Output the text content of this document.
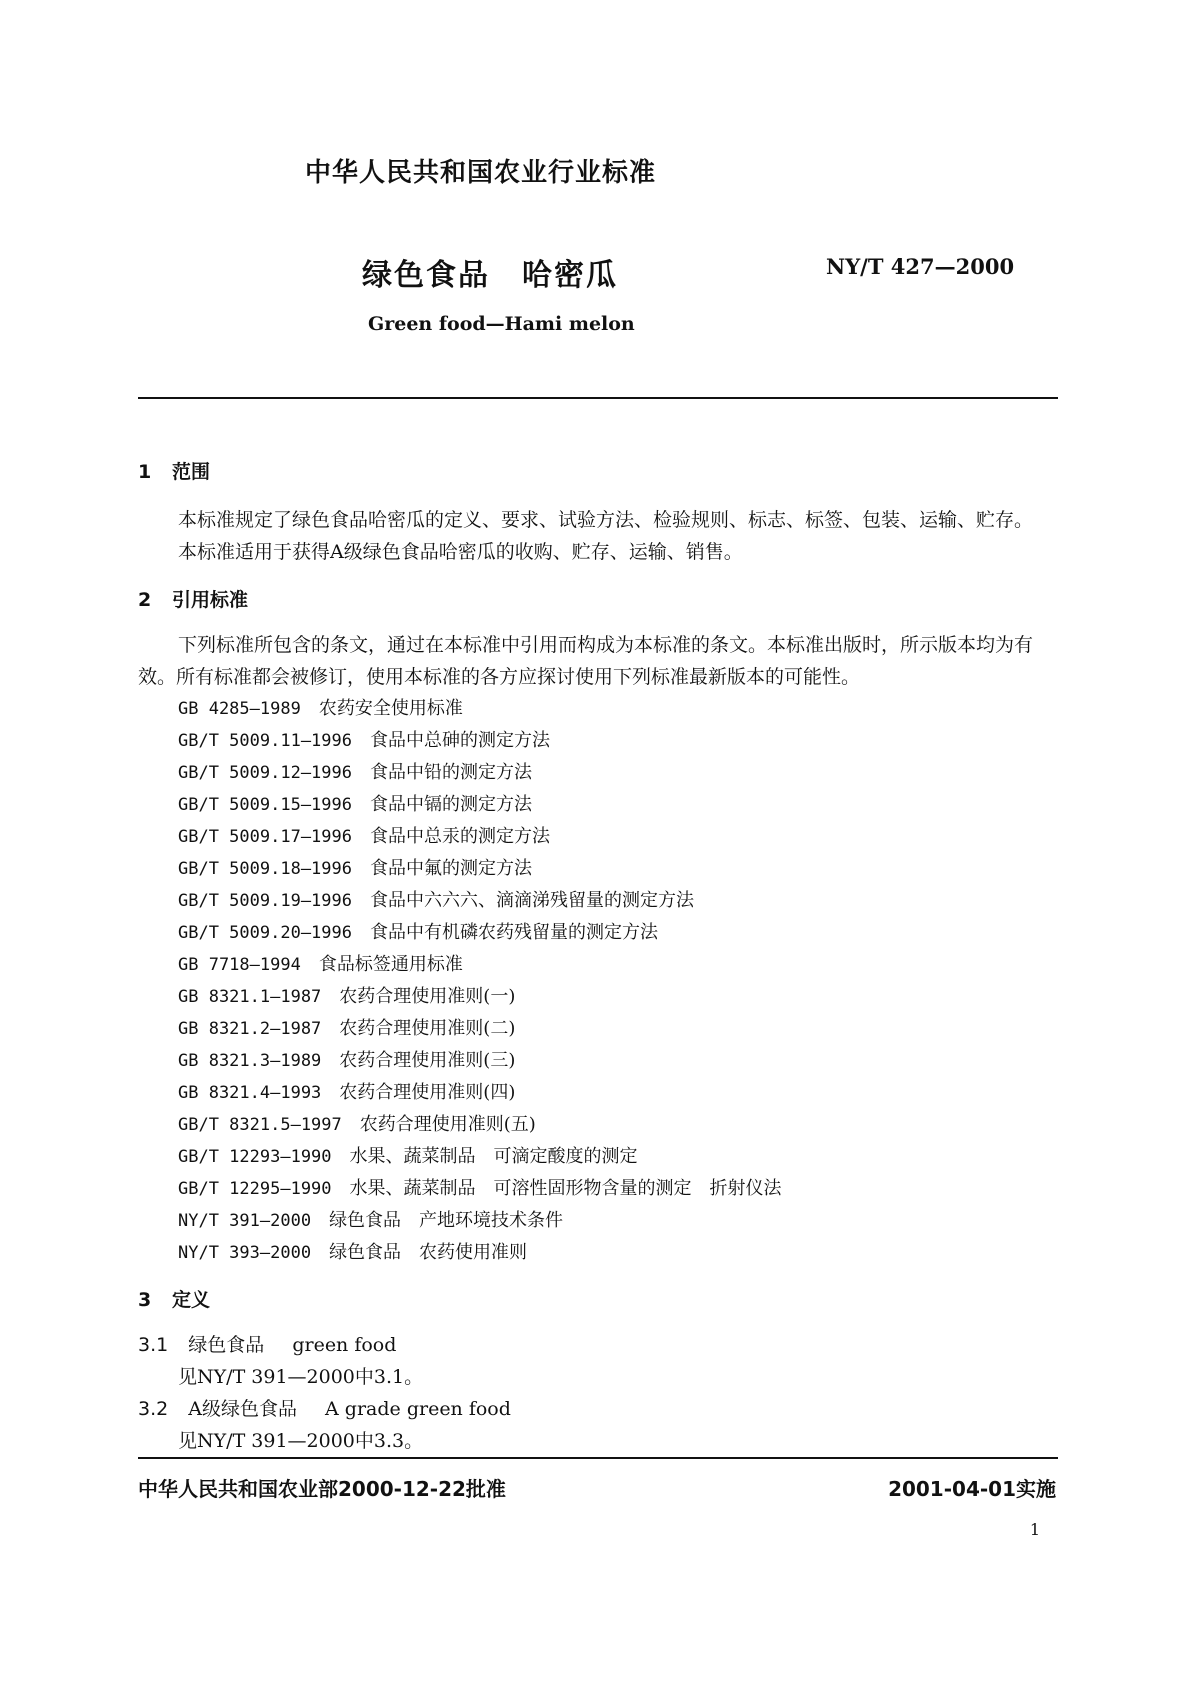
中华人民共和国农业行业标准
绿色食品　哈密瓜	NY/T 427—2000
Green food—Hami melon
1 范围
本标准规定了绿色食品哈密瓜的定义、要求、试验方法、检验规则、标志、标签、包装、运输、贮存。
本标准适用于获得A级绿色食品哈密瓜的收购、贮存、运输、销售。
2 引用标准
下列标准所包含的条文，通过在本标准中引用而构成为本标准的条文。本标准出版时，所示版本均为有效。所有标准都会被修订，使用本标准的各方应探讨使用下列标准最新版本的可能性。
GB 4285—1989 农药安全使用标准
GB/T 5009.11—1996 食品中总砷的测定方法
GB/T 5009.12—1996 食品中铅的测定方法
GB/T 5009.15—1996 食品中镉的测定方法
GB/T 5009.17—1996 食品中总汞的测定方法
GB/T 5009.18—1996 食品中氟的测定方法
GB/T 5009.19—1996 食品中六六六、滴滴涕残留量的测定方法
GB/T 5009.20—1996 食品中有机磷农药残留量的测定方法
GB 7718—1994 食品标签通用标准
GB 8321.1—1987 农药合理使用准则(一)
GB 8321.2—1987 农药合理使用准则(二)
GB 8321.3—1989 农药合理使用准则(三)
GB 8321.4—1993 农药合理使用准则(四)
GB/T 8321.5—1997 农药合理使用准则(五)
GB/T 12293—1990 水果、蔬菜制品　可滴定酸度的测定
GB/T 12295—1990 水果、蔬菜制品　可溶性固形物含量的测定　折射仪法
NY/T 391—2000 绿色食品　产地环境技术条件
NY/T 393—2000 绿色食品　农药使用准则
3 定义
3.1 绿色食品 green food
见NY/T 391—2000中3.1。
3.2 A级绿色食品 A grade green food
见NY/T 391—2000中3.3。
中华人民共和国农业部2000-12-22批准	2001-04-01实施
1
